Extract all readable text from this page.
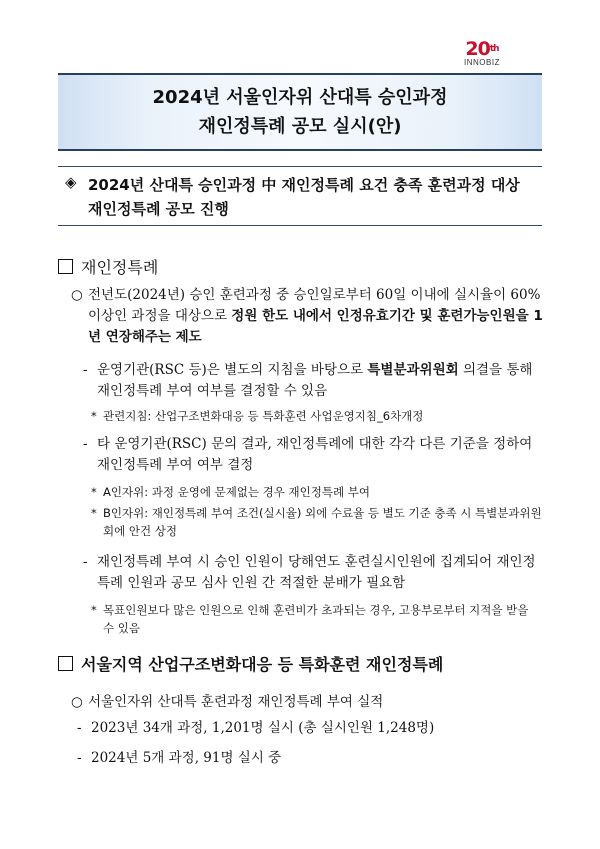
20th
INNOBIZ
2024년 서울인자위 산대특 승인과정
재인정특례 공모 실시(안)
◈ 2024년 산대특 승인과정 中 재인정특례 요건 충족 훈련과정 대상 재인정특례 공모 진행
재인정특례
○ 전년도(2024년) 승인 훈련과정 중 승인일로부터 60일 이내에 실시율이 60% 이상인 과정을 대상으로 정원 한도 내에서 인정유효기간 및 훈련가능인원을 1년 연장해주는 제도
- 운영기관(RSC 등)은 별도의 지침을 바탕으로 특별분과위원회 의결을 통해 재인정특례 부여 여부를 결정할 수 있음
* 관련지침: 산업구조변화대응 등 특화훈련 사업운영지침_6차개정
- 타 운영기관(RSC) 문의 결과, 재인정특례에 대한 각각 다른 기준을 정하여 재인정특례 부여 여부 결정
* A인자위: 과정 운영에 문제없는 경우 재인정특례 부여
* B인자위: 재인정특례 부여 조건(실시율) 외에 수료율 등 별도 기준 충족 시 특별분과위원회에 안건 상정
- 재인정특례 부여 시 승인 인원이 당해연도 훈련실시인원에 집계되어 재인정특례 인원과 공모 심사 인원 간 적절한 분배가 필요함
* 목표인원보다 많은 인원으로 인해 훈련비가 초과되는 경우, 고용부로부터 지적을 받을 수 있음
서울지역 산업구조변화대응 등 특화훈련 재인정특례
○ 서울인자위 산대특 훈련과정 재인정특례 부여 실적
- 2023년 34개 과정, 1,201명 실시 (총 실시인원 1,248명)
- 2024년 5개 과정, 91명 실시 중
